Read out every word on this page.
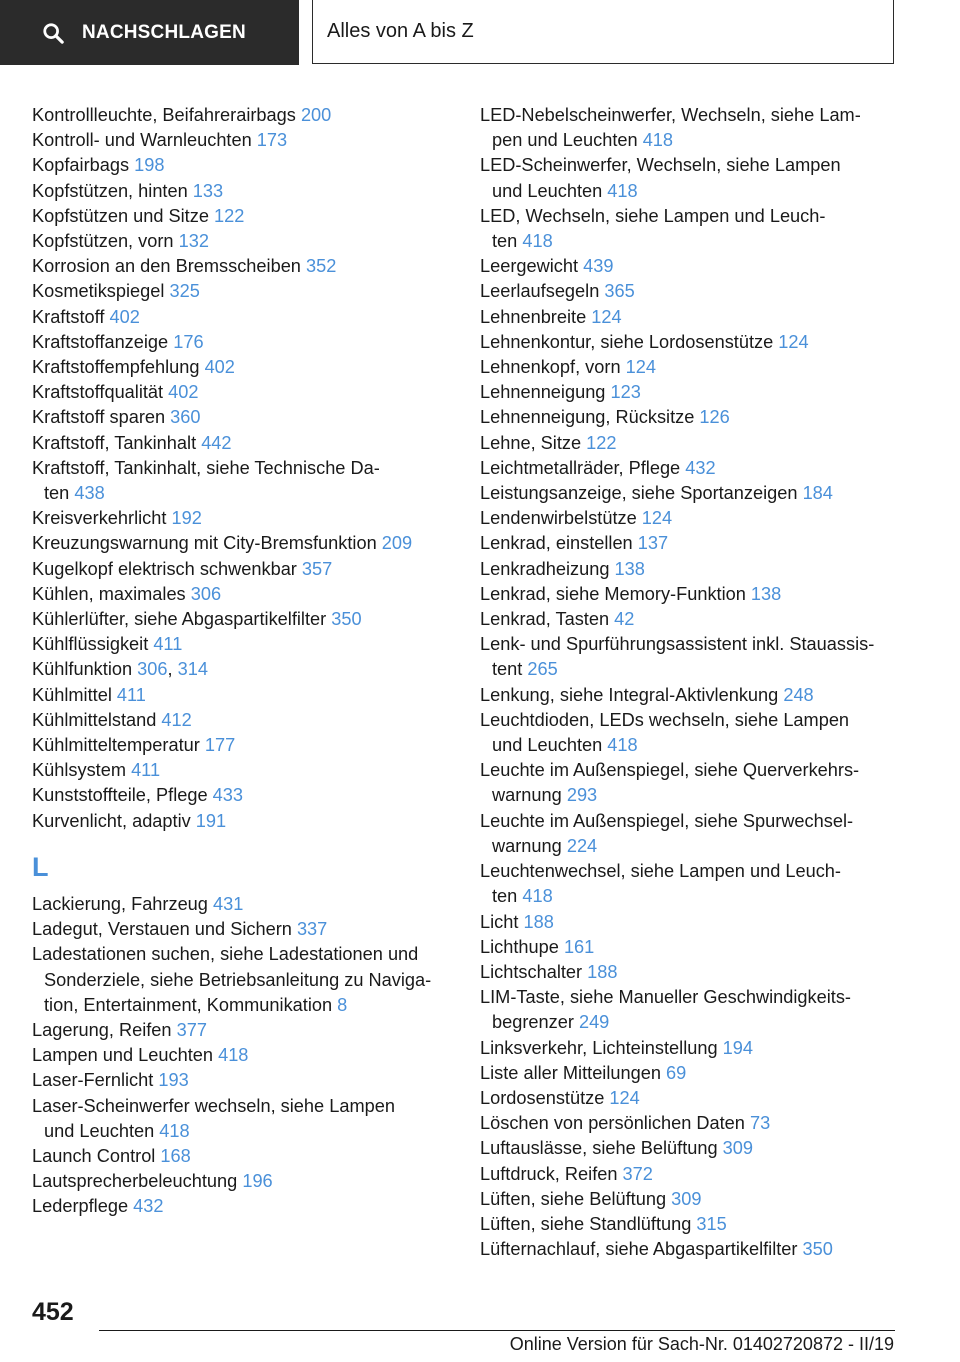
NACHSCHLAGEN	Alles von A bis Z
Kontrollleuchte, Beifahrerairbags 200
Kontroll- und Warnleuchten 173
Kopfairbags 198
Kopfstützen, hinten 133
Kopfstützen und Sitze 122
Kopfstützen, vorn 132
Korrosion an den Bremsscheiben 352
Kosmetikspiegel 325
Kraftstoff 402
Kraftstoffanzeige 176
Kraftstoffempfehlung 402
Kraftstoffqualität 402
Kraftstoff sparen 360
Kraftstoff, Tankinhalt 442
Kraftstoff, Tankinhalt, siehe Technische Da-
ten 438
Kreisverkehrlicht 192
Kreuzungswarnung mit City-Bremsfunktion 209
Kugelkopf elektrisch schwenkbar 357
Kühlen, maximales 306
Kühlerlüfter, siehe Abgaspartikelfilter 350
Kühlflüssigkeit 411
Kühlfunktion 306, 314
Kühlmittel 411
Kühlmittelstand 412
Kühlmitteltemperatur 177
Kühlsystem 411
Kunststoffteile, Pflege 433
Kurvenlicht, adaptiv 191
L
Lackierung, Fahrzeug 431
Ladegut, Verstauen und Sichern 337
Ladestationen suchen, siehe Ladestationen und
Sonderziele, siehe Betriebsanleitung zu Naviga-
tion, Entertainment, Kommunikation 8
Lagerung, Reifen 377
Lampen und Leuchten 418
Laser-Fernlicht 193
Laser-Scheinwerfer wechseln, siehe Lampen
und Leuchten 418
Launch Control 168
Lautsprecherbeleuchtung 196
Lederpflege 432
LED-Nebelscheinwerfer, Wechseln, siehe Lam-
pen und Leuchten 418
LED-Scheinwerfer, Wechseln, siehe Lampen
und Leuchten 418
LED, Wechseln, siehe Lampen und Leuch-
ten 418
Leergewicht 439
Leerlaufsegeln 365
Lehnenbreite 124
Lehnenkontur, siehe Lordosenstütze 124
Lehnenkopf, vorn 124
Lehnenneigung 123
Lehnenneigung, Rücksitze 126
Lehne, Sitze 122
Leichtmetallräder, Pflege 432
Leistungsanzeige, siehe Sportanzeigen 184
Lendenwirbelstütze 124
Lenkrad, einstellen 137
Lenkradheizung 138
Lenkrad, siehe Memory-Funktion 138
Lenkrad, Tasten 42
Lenk- und Spurführungsassistent inkl. Stauassis-
tent 265
Lenkung, siehe Integral-Aktivlenkung 248
Leuchtdioden, LEDs wechseln, siehe Lampen
und Leuchten 418
Leuchte im Außenspiegel, siehe Querverkehrs-
warnung 293
Leuchte im Außenspiegel, siehe Spurwechsel-
warnung 224
Leuchtenwechsel, siehe Lampen und Leuch-
ten 418
Licht 188
Lichthupe 161
Lichtschalter 188
LIM-Taste, siehe Manueller Geschwindigkeits-
begrenzer 249
Linksverkehr, Lichteinstellung 194
Liste aller Mitteilungen 69
Lordosenstütze 124
Löschen von persönlichen Daten 73
Luftauslässe, siehe Belüftung 309
Luftdruck, Reifen 372
Lüften, siehe Belüftung 309
Lüften, siehe Standlüftung 315
Lüfternachlauf, siehe Abgaspartikelfilter 350
452
Online Version für Sach-Nr. 01402720872 - II/19
